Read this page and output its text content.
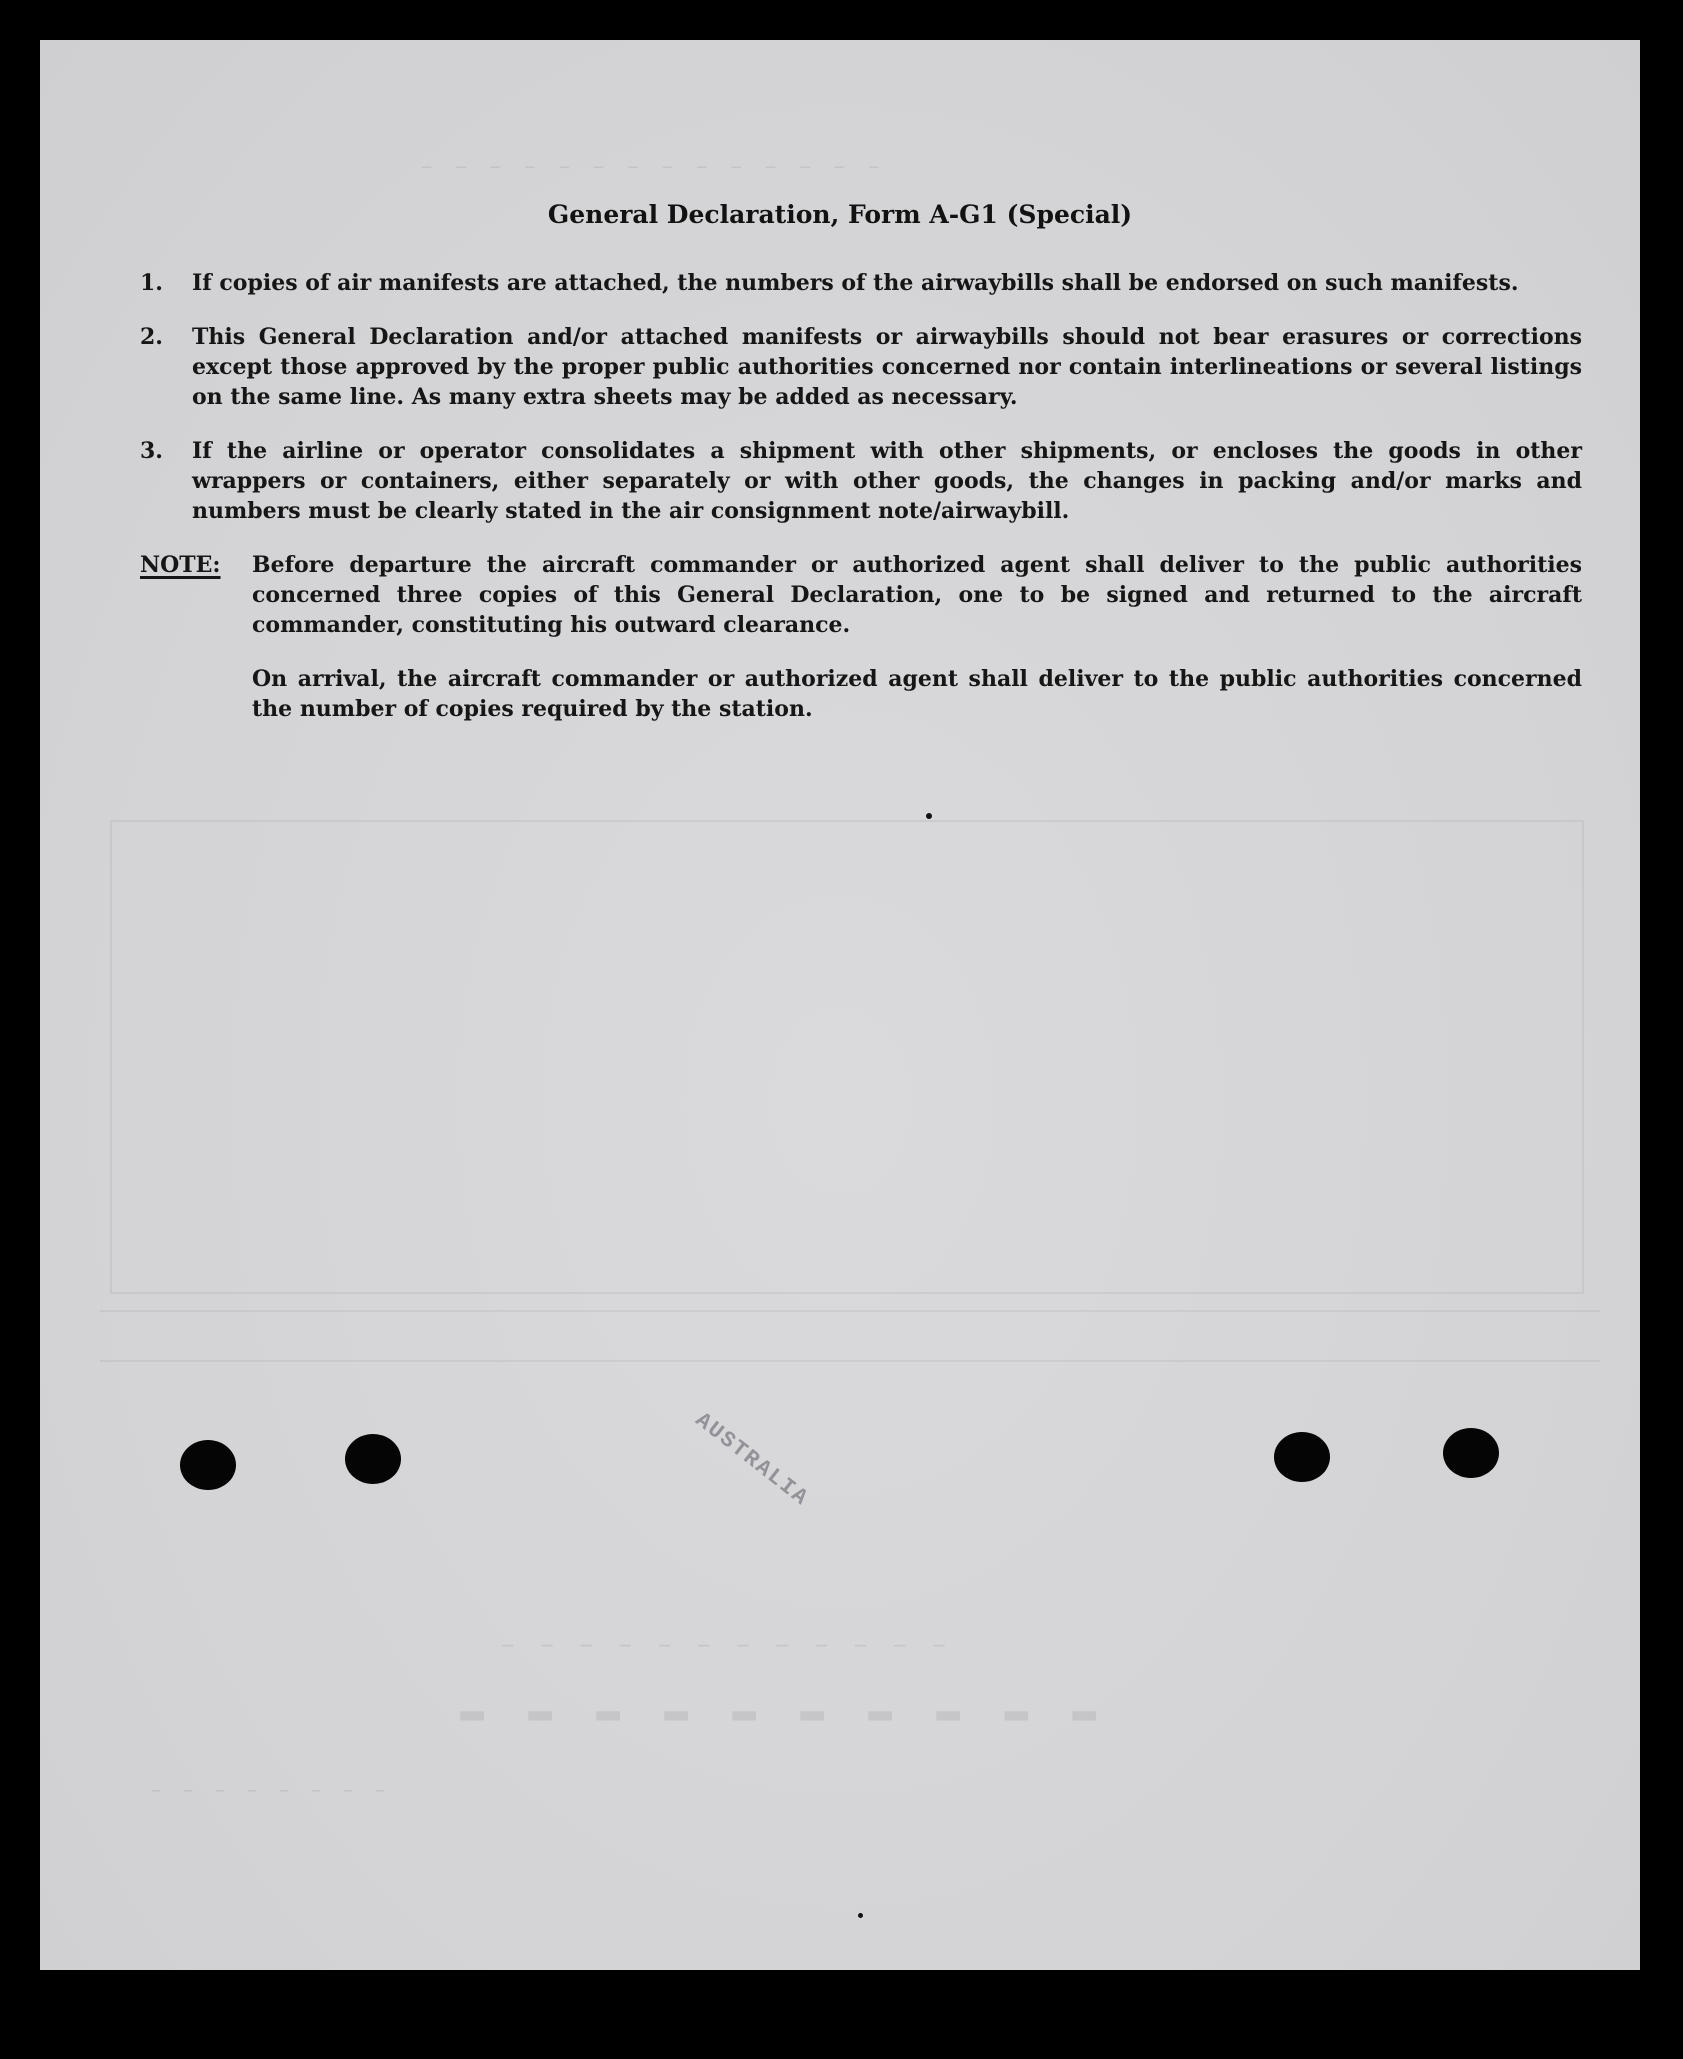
‒ ‒ ‒ ‒ ‒ ‒ ‒ ‒ ‒ ‒ ‒ ‒ ‒ ‒
‒ ‒ ‒ ‒ ‒ ‒ ‒ ‒ ‒ ‒ ‒ ‒
▬ ▬ ▬ ▬ ▬ ▬ ▬ ▬ ▬ ▬
‒ ‒ ‒ ‒ ‒ ‒ ‒ ‒
General Declaration, Form A-G1 (Special)
1. If copies of air manifests are attached, the numbers of the airwaybills shall be endorsed on such manifests.
2. This General Declaration and/or attached manifests or airwaybills should not bear erasures or corrections except those approved by the proper public authorities concerned nor contain interlineations or several listings on the same line. As many extra sheets may be added as necessary.
3. If the airline or operator consolidates a shipment with other shipments, or encloses the goods in other wrappers or containers, either separately or with other goods, the changes in packing and/or marks and numbers must be clearly stated in the air consignment note/airwaybill.
NOTE: Before departure the aircraft commander or authorized agent shall deliver to the public authorities concerned three copies of this General Declaration, one to be signed and returned to the aircraft commander, constituting his outward clearance.
On arrival, the aircraft commander or authorized agent shall deliver to the public authorities concerned the number of copies required by the station.
AUSTRALIA
